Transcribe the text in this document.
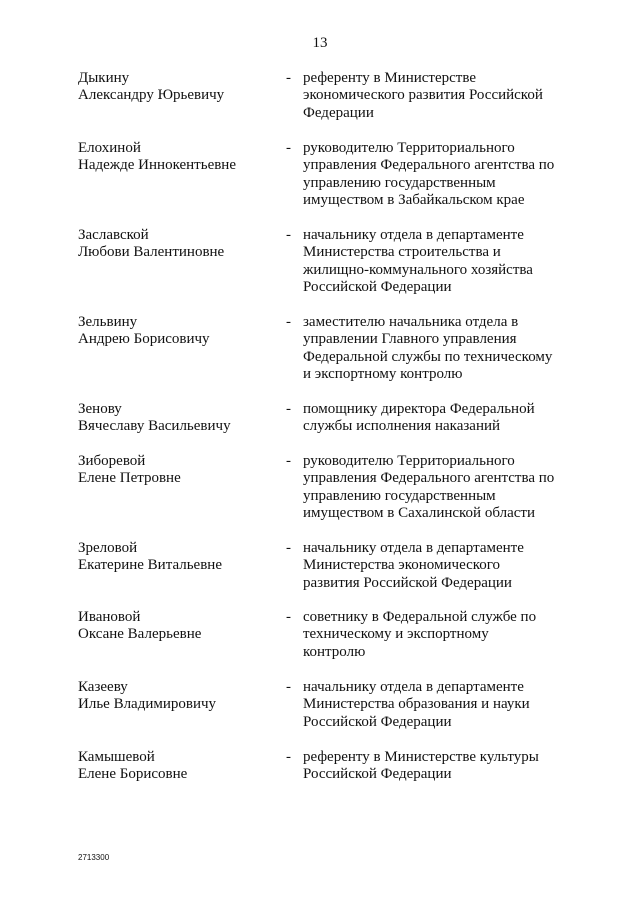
13
Дыкину
Александру Юрьевичу
- референту в Министерстве
экономического развития Российской
Федерации
Елохиной
Надежде Иннокентьевне
- руководителю Территориального
управления Федерального агентства по
управлению государственным
имуществом в Забайкальском крае
Заславской
Любови Валентиновне
- начальнику отдела в департаменте
Министерства строительства и
жилищно-коммунального хозяйства
Российской Федерации
Зельвину
Андрею Борисовичу
- заместителю начальника отдела в
управлении Главного управления
Федеральной службы по техническому
и экспортному контролю
Зенову
Вячеславу Васильевичу
- помощнику директора Федеральной
службы исполнения наказаний
Зиборевой
Елене Петровне
- руководителю Территориального
управления Федерального агентства по
управлению государственным
имуществом в Сахалинской области
Зреловой
Екатерине Витальевне
- начальнику отдела в департаменте
Министерства экономического
развития Российской Федерации
Ивановой
Оксане Валерьевне
- советнику в Федеральной службе по
техническому и экспортному
контролю
Казееву
Илье Владимировичу
- начальнику отдела в департаменте
Министерства образования и науки
Российской Федерации
Камышевой
Елене Борисовне
- референту в Министерстве культуры
Российской Федерации
2713300
